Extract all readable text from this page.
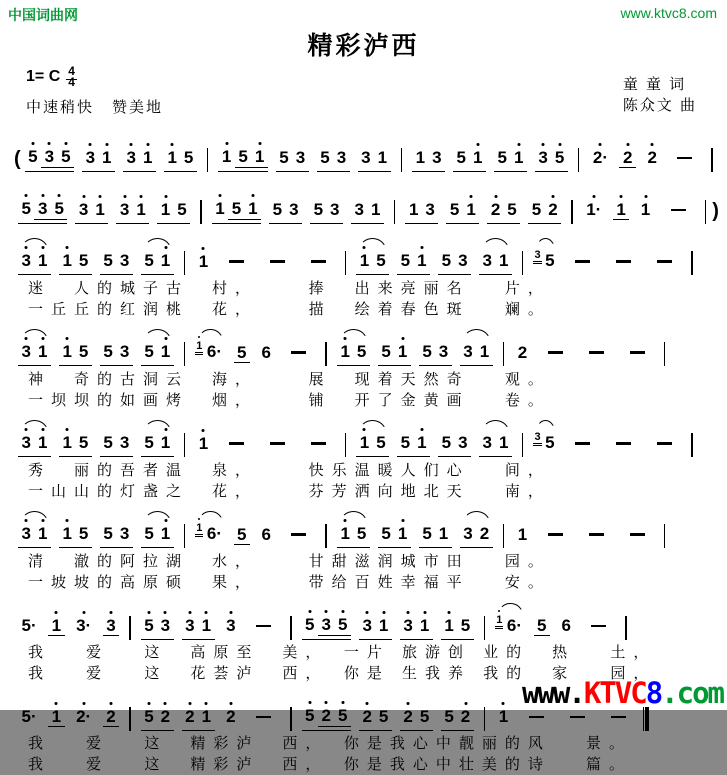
中国词曲网	www.ktvc8.com
精彩泸西
1= C 4
4
中速稍快 赞美地
童 童 词
陈众文 曲
( 5 3 5 3 1 3 1 1 5 1 5 1 5 3 5 3 3 1 1 3 5 1 5 1 3 5 2· 2 2
5 3 5 3 1 3 1 1 5 1 5 1 5 3 5 3 3 1 1 3 5 1 2 5 5 2 1· 1 1	)
3 1 1 5 5 3 5 1 1	1 5 5 1 5 3 3 1 3 5
迷　人的城子古　村，　　 捧　出来亮丽名　 片，
一丘丘的红润桃　花，　　 描　绘着春色斑　 斓。
3 1 1 5 5 3 5 1 1 6· 5 6	1 5 5 1 5 3 3 1 2
神　奇的古洞云　海，　　 展　现着天然奇　 观。
一坝坝的如画烤　烟，　　 铺　开了金黄画　 卷。
3 1 1 5 5 3 5 1 1	1 5 5 1 5 3 3 1 3 5
秀　丽的吾者温　泉，　　 快乐温暖人们心　 间，
一山山的灯盏之　花，　　 芬芳洒向地北天　 南，
3 1 1 5 5 3 5 1 1 6· 5 6	1 5 5 1 5 1 3 2 1
清　澈的阿拉湖　水，　　 甘甜滋润城市田　 园。
一坡坡的高原硕　果，　　 带给百姓幸福平　 安。
5· 1 3· 3 5 3 3 1 3	5 3 5 3 1 3 1 1 5 1 6· 5 6
我　 爱　 这　高原至　美，　一片 旅游创 业的　热　 土，
我　 爱　 这　花荟泸　西，　你是 生我养 我的　家　 园，
5· 1 2· 2 5 2 2 1 2	5 2 5 2 5 2 5 5 2 1
我　 爱　 这　精彩泸　西，　你是我心中靓丽的风　 景。
我　 爱　 这　精彩泸　西，　你是我心中壮美的诗　 篇。
www.KTVC8.com
